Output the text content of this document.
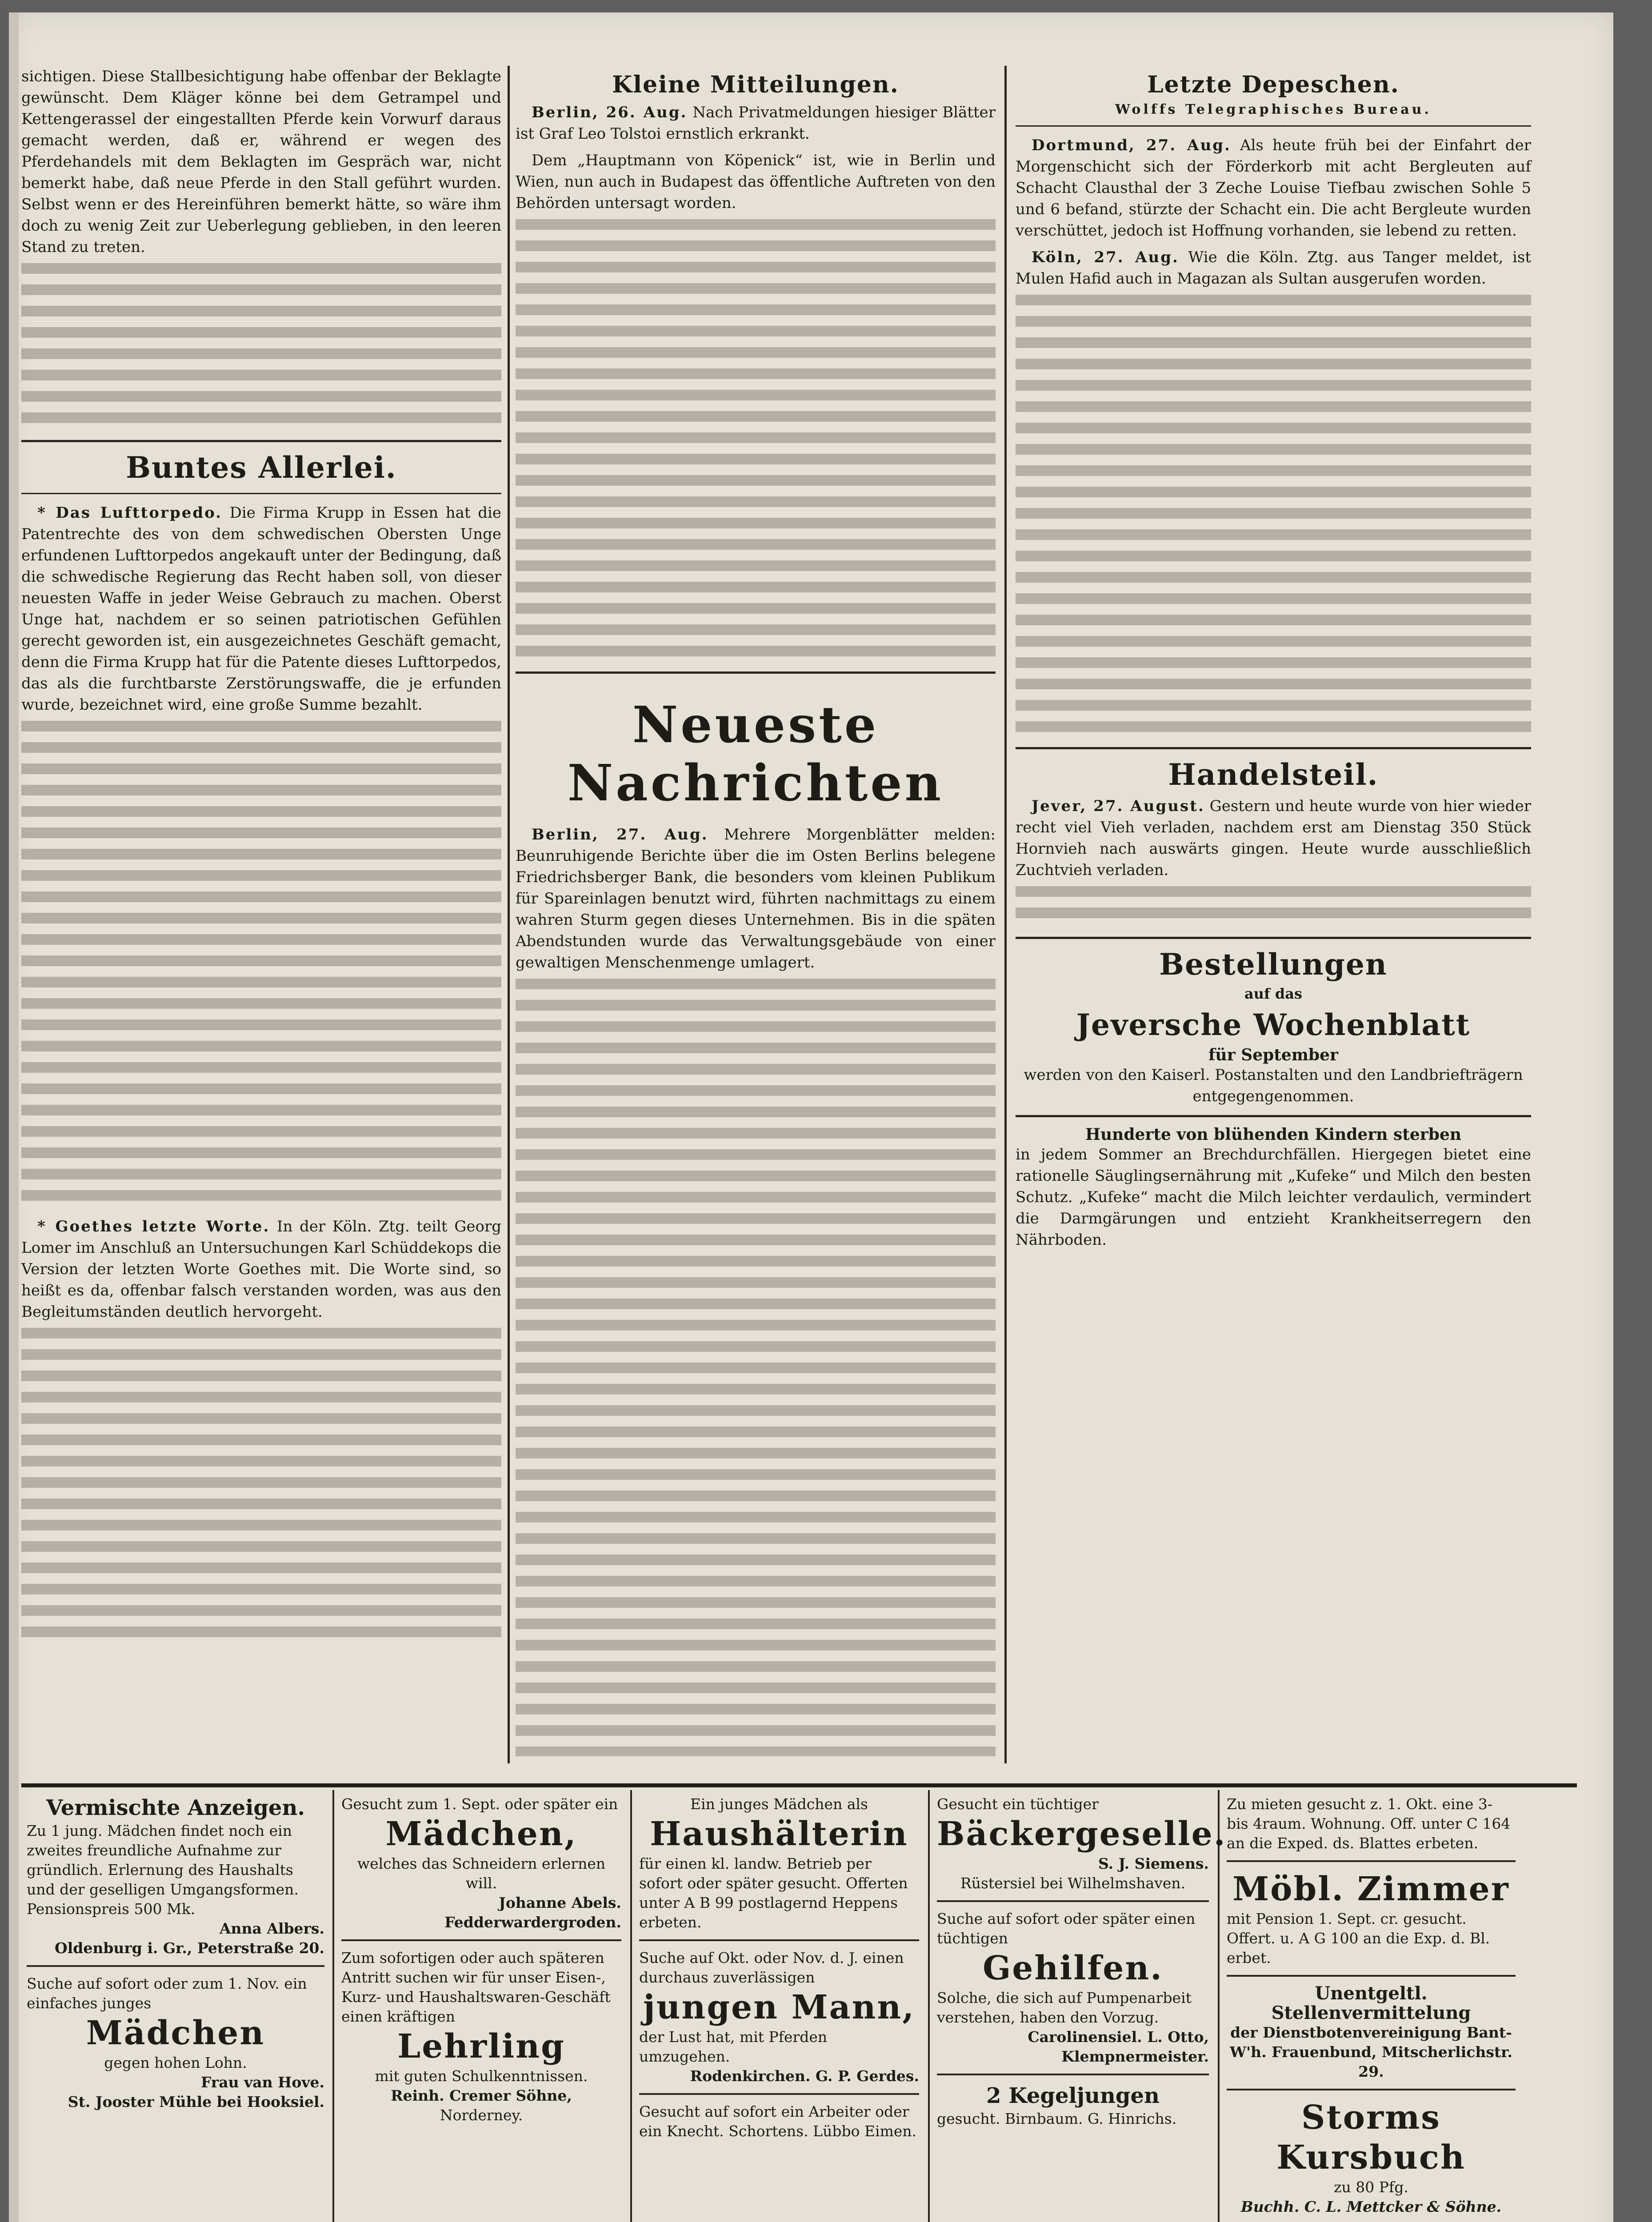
sichtigen. Diese Stallbesichtigung habe offenbar der Beklagte gewünscht. Dem Kläger könne bei dem Getrampel und Kettengerassel der eingestallten Pferde kein Vorwurf daraus gemacht werden, daß er, während er wegen des Pferdehandels mit dem Beklagten im Gespräch war, nicht bemerkt habe, daß neue Pferde in den Stall geführt wurden. Selbst wenn er des Hereinführen bemerkt hätte, so wäre ihm doch zu wenig Zeit zur Ueberlegung geblieben, in den leeren Stand zu treten.

Buntes Allerlei.

* Das Lufttorpedo. Die Firma Krupp in Essen hat die Patentrechte des von dem schwedischen Obersten Unge erfundenen Lufttorpedos angekauft unter der Bedingung, daß die schwedische Regierung das Recht haben soll, von dieser neuesten Waffe in jeder Weise Gebrauch zu machen. Oberst Unge hat, nachdem er so seinen patriotischen Gefühlen gerecht geworden ist, ein ausgezeichnetes Geschäft gemacht, denn die Firma Krupp hat für die Patente dieses Lufttorpedos, das als die furchtbarste Zerstörungswaffe, die je erfunden wurde, bezeichnet wird, eine große Summe bezahlt.

* Goethes letzte Worte. In der Köln. Ztg. teilt Georg Lomer im Anschluß an Untersuchungen Karl Schüddekops die Version der letzten Worte Goethes mit. Die Worte sind, so heißt es da, offenbar falsch verstanden worden, was aus den Begleitumständen deutlich hervorgeht.

Kleine Mitteilungen.

Berlin, 26. Aug. Nach Privatmeldungen hiesiger Blätter ist Graf Leo Tolstoi ernstlich erkrankt.

Dem „Hauptmann von Köpenick“ ist, wie in Berlin und Wien, nun auch in Budapest das öffentliche Auftreten von den Behörden untersagt worden.

Neueste Nachrichten

Berlin, 27. Aug. Mehrere Morgenblätter melden: Beunruhigende Berichte über die im Osten Berlins belegene Friedrichsberger Bank, die besonders vom kleinen Publikum für Spareinlagen benutzt wird, führten nachmittags zu einem wahren Sturm gegen dieses Unternehmen. Bis in die späten Abendstunden wurde das Verwaltungsgebäude von einer gewaltigen Menschenmenge umlagert.

Letzte Depeschen.
Wolffs Telegraphisches Bureau.

Dortmund, 27. Aug. Als heute früh bei der Einfahrt der Morgenschicht sich der Förderkorb mit acht Bergleuten auf Schacht Clausthal der 3 Zeche Louise Tiefbau zwischen Sohle 5 und 6 befand, stürzte der Schacht ein. Die acht Bergleute wurden verschüttet, jedoch ist Hoffnung vorhanden, sie lebend zu retten.

Köln, 27. Aug. Wie die Köln. Ztg. aus Tanger meldet, ist Mulen Hafid auch in Magazan als Sultan ausgerufen worden.

Handelsteil.

Jever, 27. August. Gestern und heute wurde von hier wieder recht viel Vieh verladen, nachdem erst am Dienstag 350 Stück Hornvieh nach auswärts gingen. Heute wurde ausschließlich Zuchtvieh verladen.

Bestellungen
auf das
Jeversche Wochenblatt
für September

werden von den Kaiserl. Postanstalten und den Landbriefträgern entgegengenommen.

Hunderte von blühenden Kindern sterben

in jedem Sommer an Brechdurchfällen. Hiergegen bietet eine rationelle Säuglingsernährung mit „Kufeke“ und Milch den besten Schutz. „Kufeke“ macht die Milch leichter verdaulich, vermindert die Darmgärungen und entzieht Krankheitserregern den Nährboden.

Vermischte Anzeigen.
Zu 1 jung. Mädchen findet noch ein zweites freundliche Aufnahme zur gründlich. Erlernung des Haushalts und der geselligen Umgangsformen. Pensionspreis 500 Mk.
Anna Albers.
Oldenburg i. Gr., Peterstraße 20.
Suche auf sofort oder zum 1. Nov. ein einfaches junges
Mädchen
gegen hohen Lohn.
Frau van Hove.
St. Jooster Mühle bei Hooksiel.
Gesucht zum 1. Sept. oder später ein
Mädchen,
welches das Schneidern erlernen will.
Johanne Abels.
Fedderwardergroden.
Zum sofortigen oder auch späteren Antritt suchen wir für unser Eisen-, Kurz- und Haushaltswaren-Geschäft einen kräftigen
Lehrling
mit guten Schulkenntnissen.
Reinh. Cremer Söhne,
Norderney.
Ein junges Mädchen als
Haushälterin
für einen kl. landw. Betrieb per sofort oder später gesucht. Offerten unter A B 99 postlagernd Heppens erbeten.
Suche auf Okt. oder Nov. d. J. einen durchaus zuverlässigen
jungen Mann,
der Lust hat, mit Pferden umzugehen.
Rodenkirchen. G. P. Gerdes.
Gesucht auf sofort ein Arbeiter oder ein Knecht. Schortens. Lübbo Eimen.
Gesucht ein tüchtiger
Bäckergeselle.
S. J. Siemens.
Rüstersiel bei Wilhelmshaven.
Suche auf sofort oder später einen tüchtigen
Gehilfen.
Solche, die sich auf Pumpenarbeit verstehen, haben den Vorzug.
Carolinensiel. L. Otto,
Klempnermeister.
2 Kegeljungen
gesucht. Birnbaum. G. Hinrichs.
Zu mieten gesucht z. 1. Okt. eine 3- bis 4raum. Wohnung. Off. unter C 164 an die Exped. ds. Blattes erbeten.
Möbl. Zimmer
mit Pension 1. Sept. cr. gesucht. Offert. u. A G 100 an die Exp. d. Bl. erbet.
Unentgeltl. Stellenvermittelung
der Dienstbotenvereinigung Bant-W'h. Frauenbund, Mitscherlichstr. 29.
Storms Kursbuch
zu 80 Pfg.
Buchh. C. L. Mettcker & Söhne.
